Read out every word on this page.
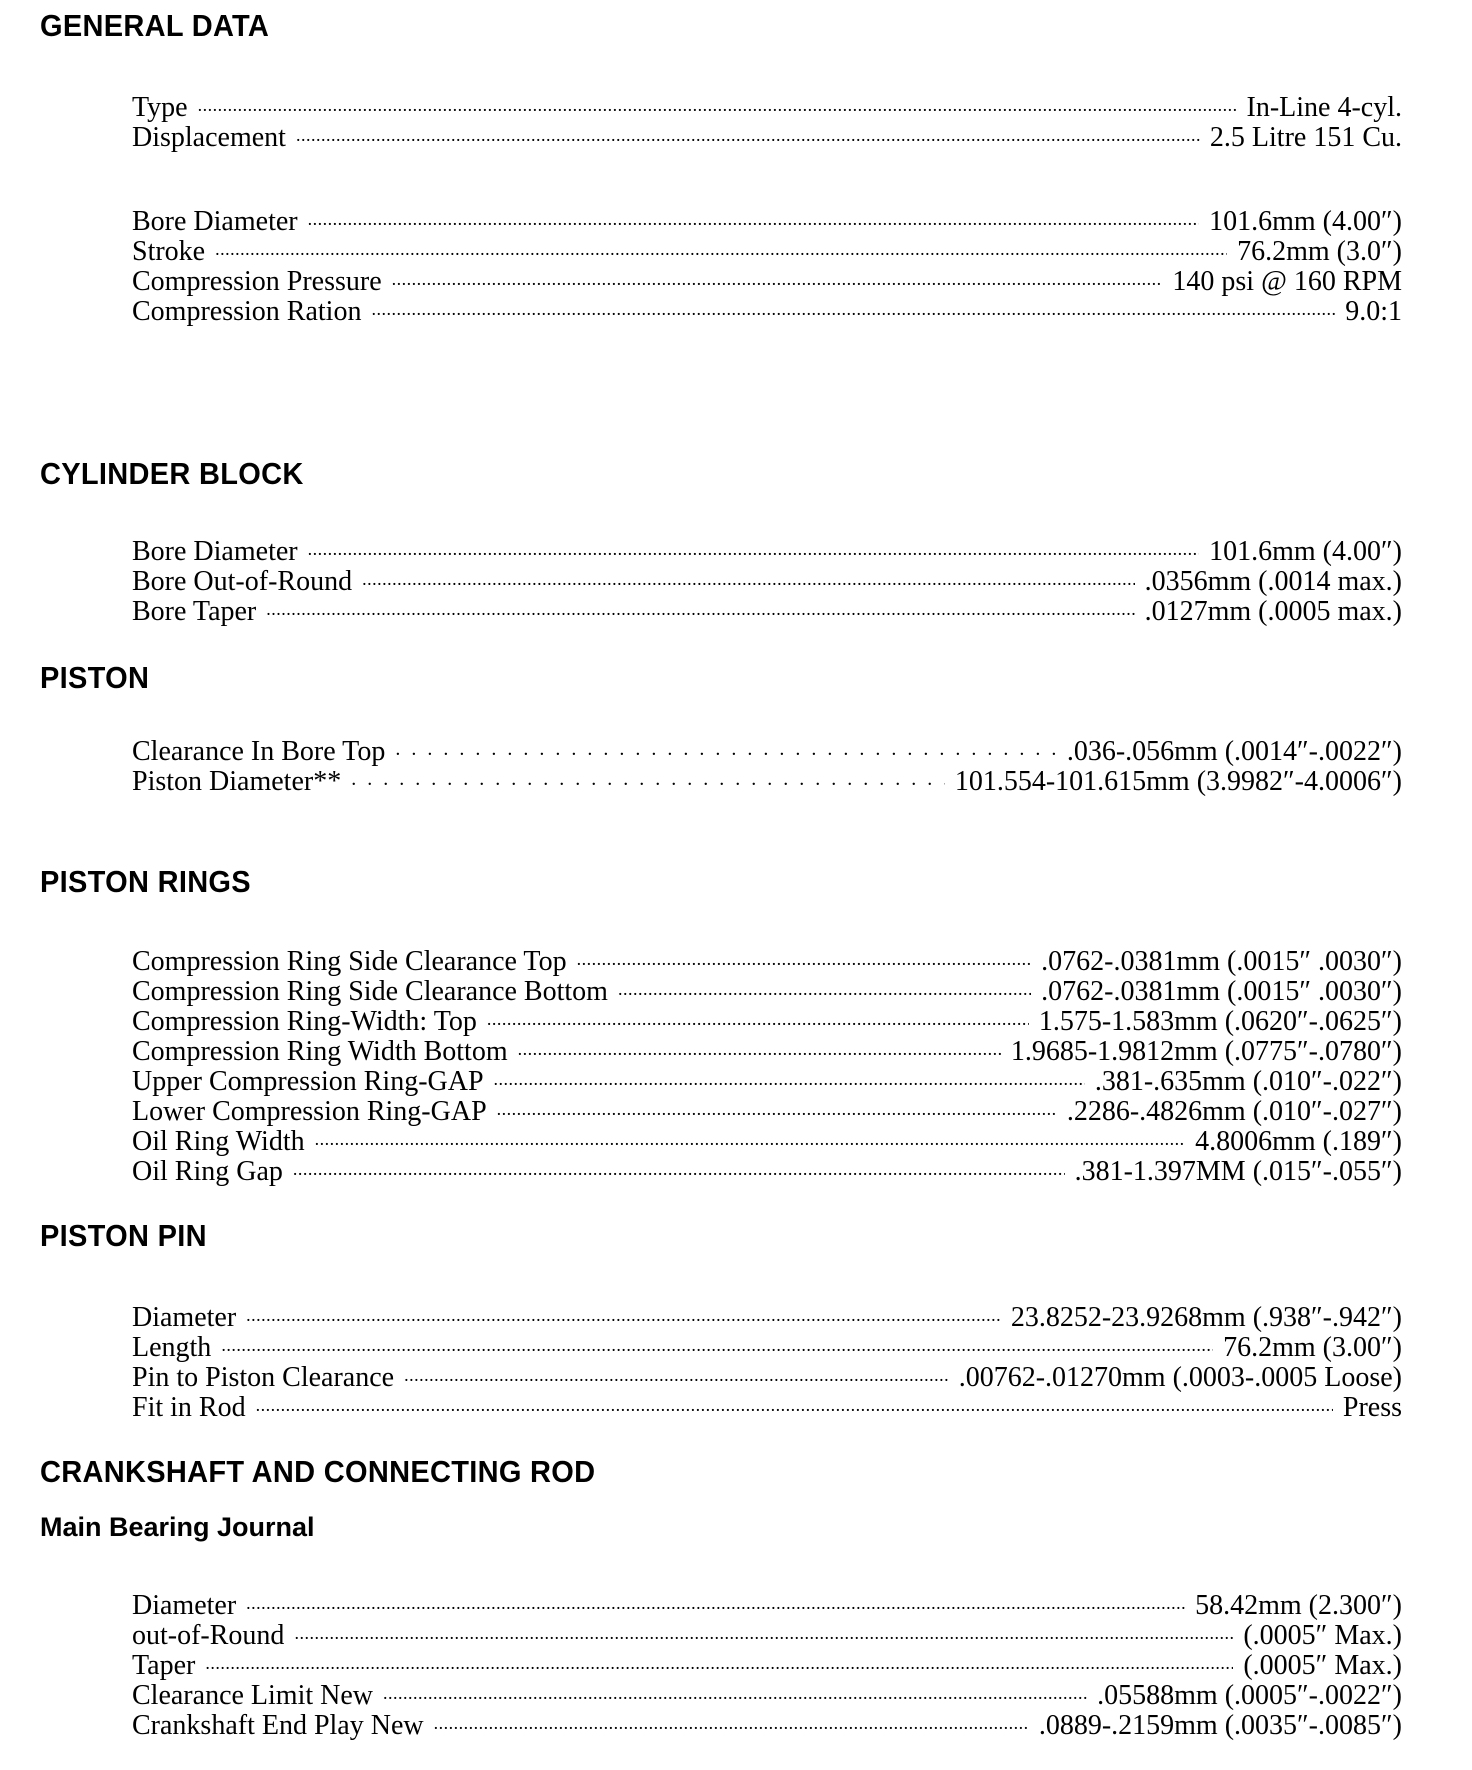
GENERAL DATA
Type .....	In-Line 4-cyl.
Displacement .....	2.5 Litre 151 Cu.
Bore Diameter .....	101.6mm (4.00″)
Stroke .....	76.2mm (3.0″)
Compression Pressure .....	140 psi @ 160 RPM
Compression Ration .....	9.0:1
CYLINDER BLOCK
Bore Diameter .....	101.6mm (4.00″)
Bore Out-of-Round .....	.0356mm (.0014 max.)
Bore Taper .....	.0127mm (.0005 max.)
PISTON
Clearance In Bore Top . . .	.036-.056mm (.0014″-.0022″)
Piston Diameter** . . .	101.554-101.615mm (3.9982″-4.0006″)
PISTON RINGS
Compression Ring Side Clearance Top .....	.0762-.0381mm (.0015″ .0030″)
Compression Ring Side Clearance Bottom .....	.0762-.0381mm (.0015″ .0030″)
Compression Ring-Width: Top .....	1.575-1.583mm (.0620″-.0625″)
Compression Ring Width Bottom .....	1.9685-1.9812mm (.0775″-.0780″)
Upper Compression Ring-GAP .....	.381-.635mm (.010″-.022″)
Lower Compression Ring-GAP .....	.2286-.4826mm (.010″-.027″)
Oil Ring Width .....	4.8006mm (.189″)
Oil Ring Gap .....	.381-1.397MM (.015″-.055″)
PISTON PIN
Diameter .....	23.8252-23.9268mm (.938″-.942″)
Length .....	76.2mm (3.00″)
Pin to Piston Clearance .....	.00762-.01270mm (.0003-.0005 Loose)
Fit in Rod .....	Press
CRANKSHAFT AND CONNECTING ROD
Main Bearing Journal
Diameter .....	58.42mm (2.300″)
out-of-Round .....	(.0005″ Max.)
Taper .....	(.0005″ Max.)
Clearance Limit New .....	.05588mm (.0005″-.0022″)
Crankshaft End Play New .....	.0889-.2159mm (.0035″-.0085″)
